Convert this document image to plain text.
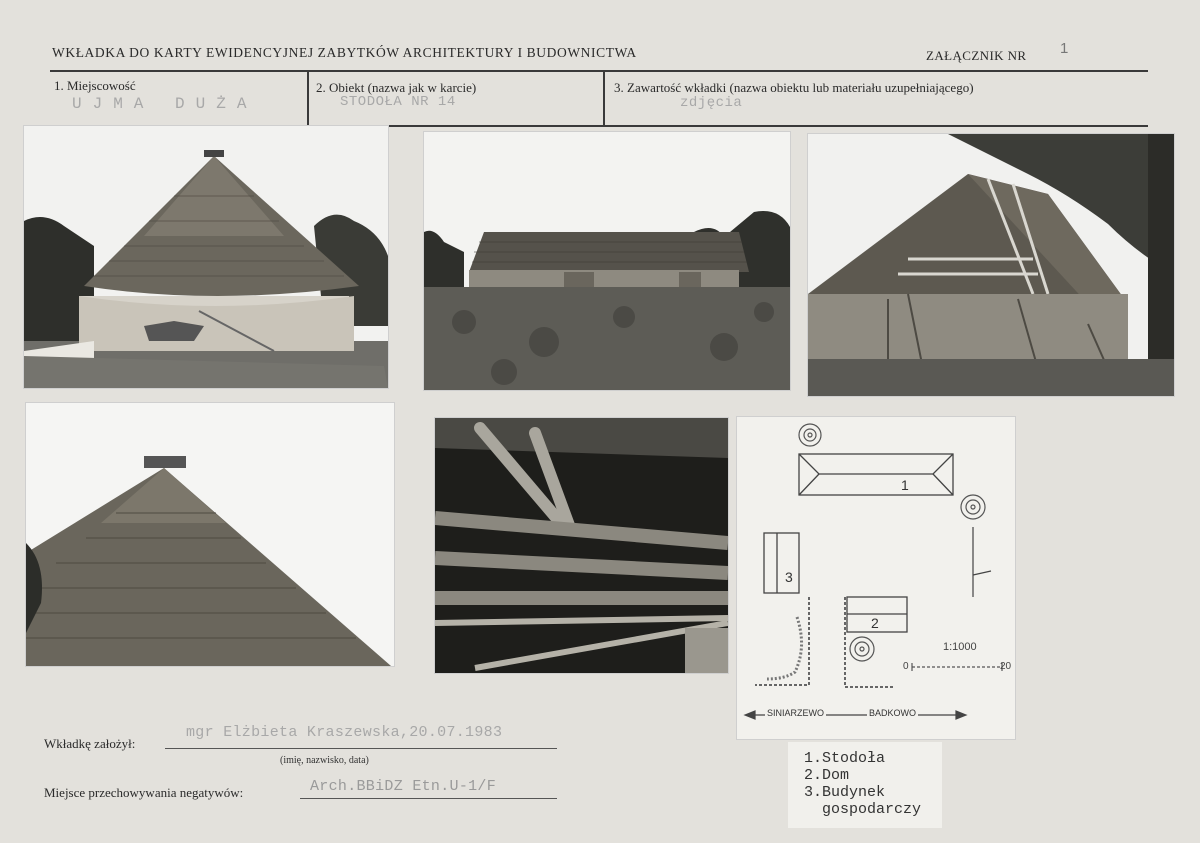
WKŁADKA DO KARTY EWIDENCYJNEJ ZABYTKÓW ARCHITEKTURY I BUDOWNICTWA	ZAŁĄCZNIK NR 1
1. Miejscowość
UJMA DUŻA
2. Obiekt (nazwa jak w karcie)
STODOŁA NR 14
3. Zawartość wkładki (nazwa obiektu lub materiału uzupełniającego)
zdjęcia
1
3
2
1:1000
0	20
SINIARZEWO	BADKOWO
Wkładkę założył:
mgr Elżbieta Kraszewska,20.07.1983
(imię, nazwisko, data)
Miejsce przechowywania negatywów:	Arch.BBiDZ Etn.U-1/F
1.Stodoła
2.Dom
3.Budynek
gospodarczy
